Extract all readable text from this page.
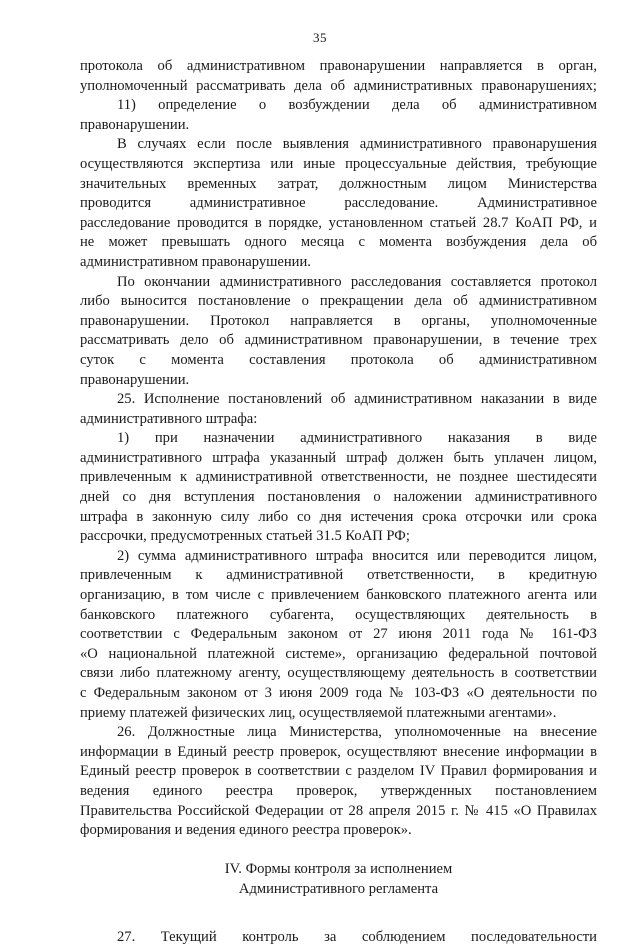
35
протокола об административном правонарушении направляется в орган,
уполномоченный рассматривать дела об административных правонарушениях;
11) определение о возбуждении дела об административном
правонарушении.
В случаях если после выявления административного правонарушения
осуществляются экспертиза или иные процессуальные действия, требующие
значительных временных затрат, должностным лицом Министерства
проводится административное расследование. Административное
расследование проводится в порядке, установленном статьей 28.7 КоАП РФ, и
не может превышать одного месяца с момента возбуждения дела об
административном правонарушении.
По окончании административного расследования составляется протокол
либо выносится постановление о прекращении дела об административном
правонарушении. Протокол направляется в органы, уполномоченные
рассматривать дело об административном правонарушении, в течение трех
суток с момента составления протокола об административном
правонарушении.
25. Исполнение постановлений об административном наказании в виде
административного штрафа:
1) при назначении административного наказания в виде
административного штрафа указанный штраф должен быть уплачен лицом,
привлеченным к административной ответственности, не позднее шестидесяти
дней со дня вступления постановления о наложении административного
штрафа в законную силу либо со дня истечения срока отсрочки или срока
рассрочки, предусмотренных статьей 31.5 КоАП РФ;
2) сумма административного штрафа вносится или переводится лицом,
привлеченным к административной ответственности, в кредитную
организацию, в том числе с привлечением банковского платежного агента или
банковского платежного субагента, осуществляющих деятельность в
соответствии с Федеральным законом от 27 июня 2011 года № 161-ФЗ
«О национальной платежной системе», организацию федеральной почтовой
связи либо платежному агенту, осуществляющему деятельность в соответствии
с Федеральным законом от 3 июня 2009 года № 103-ФЗ «О деятельности по
приему платежей физических лиц, осуществляемой платежными агентами».
26. Должностные лица Министерства, уполномоченные на внесение
информации в Единый реестр проверок, осуществляют внесение информации в
Единый реестр проверок в соответствии с разделом IV Правил формирования и
ведения единого реестра проверок, утвержденных постановлением
Правительства Российской Федерации от 28 апреля 2015 г. № 415 «О Правилах
формирования и ведения единого реестра проверок».
IV. Формы контроля за исполнением
Административного регламента
27. Текущий контроль за соблюдением последовательности
